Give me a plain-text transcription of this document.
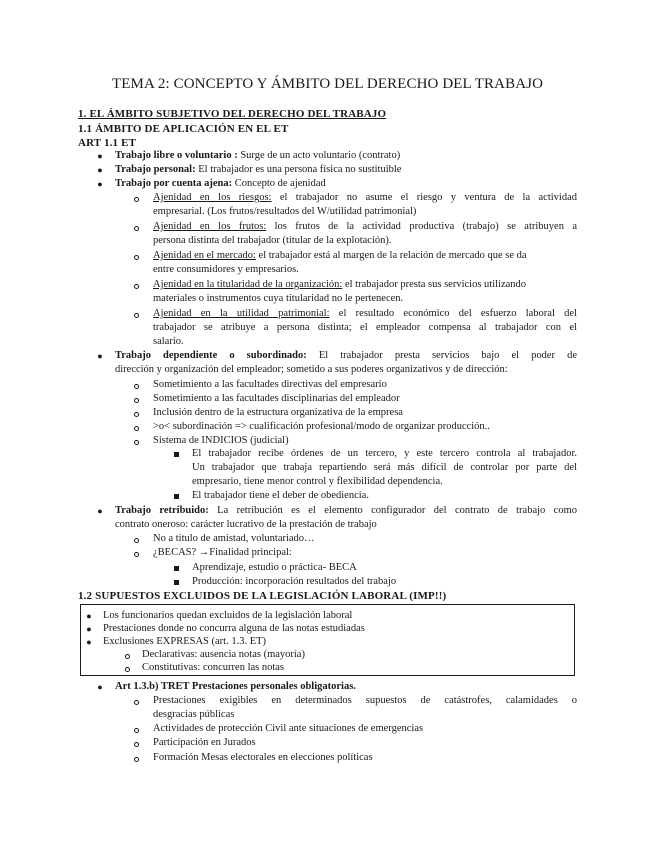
TEMA 2: CONCEPTO Y ÁMBITO DEL DERECHO DEL TRABAJO
1. EL ÁMBITO SUBJETIVO DEL DERECHO DEL TRABAJO
1.1 ÁMBITO DE APLICACIÓN EN EL ET
ART 1.1 ET
● Trabajo libre o voluntario : Surge de un acto voluntario (contrato)
● Trabajo personal: El trabajador es una persona física no sustituible
● Trabajo por cuenta ajena: Concepto de ajenidad
Ajenidad en los riesgos: el trabajador no asume el riesgo y ventura de la actividad
empresarial. (Los frutos/resultados del W/utilidad patrimonial)
Ajenidad en los frutos: los frutos de la actividad productiva (trabajo) se atribuyen a
persona distinta del trabajador (titular de la explotación).
Ajenidad en el mercado: el trabajador está al margen de la relación de mercado que se da
entre consumidores y empresarios.
Ajenidad en la titularidad de la organización: el trabajador presta sus servicios utilizando
materiales o instrumentos cuya titularidad no le pertenecen.
Ajenidad en la utilidad patrimonial: el resultado económico del esfuerzo laboral del
trabajador se atribuye a persona distinta; el empleador compensa al trabajador con el
salario.
● Trabajo dependiente o subordinado: El trabajador presta servicios bajo el poder de
dirección y organización del empleador; sometido a sus poderes organizativos y de dirección:
Sometimiento a las facultades directivas del empresario
Sometimiento a las facultades disciplinarias del empleador
Inclusión dentro de la estructura organizativa de la empresa
>o< subordinación => cualificación profesional/modo de organizar producción..
Sistema de INDICIOS (judicial)
El trabajador recibe órdenes de un tercero, y este tercero controla al trabajador.
Un trabajador que trabaja repartiendo será más difícil de controlar por parte del
empresario, tiene menor control y flexibilidad dependencia.
El trabajador tiene el deber de obediencia.
● Trabajo retribuido: La retribución es el elemento configurador del contrato de trabajo como
contrato oneroso: carácter lucrativo de la prestación de trabajo
No a título de amistad, voluntariado…
¿BECAS? →Finalidad principal:
Aprendizaje, estudio o práctica- BECA
Producción: incorporación resultados del trabajo
1.2 SUPUESTOS EXCLUIDOS DE LA LEGISLACIÓN LABORAL (IMP!!)
● Los funcionarios quedan excluidos de la legislación laboral
● Prestaciones donde no concurra alguna de las notas estudiadas
● Exclusiones EXPRESAS (art. 1.3. ET)
Declarativas: ausencia notas (mayoría)
Constitutivas: concurren las notas
● Art 1.3.b) TRET Prestaciones personales obligatorias.
Prestaciones exigibles en determinados supuestos de catástrofes, calamidades o
desgracias públicas
Actividades de protección Civil ante situaciones de emergencias
Participación en Jurados
Formación Mesas electorales en elecciones políticas
